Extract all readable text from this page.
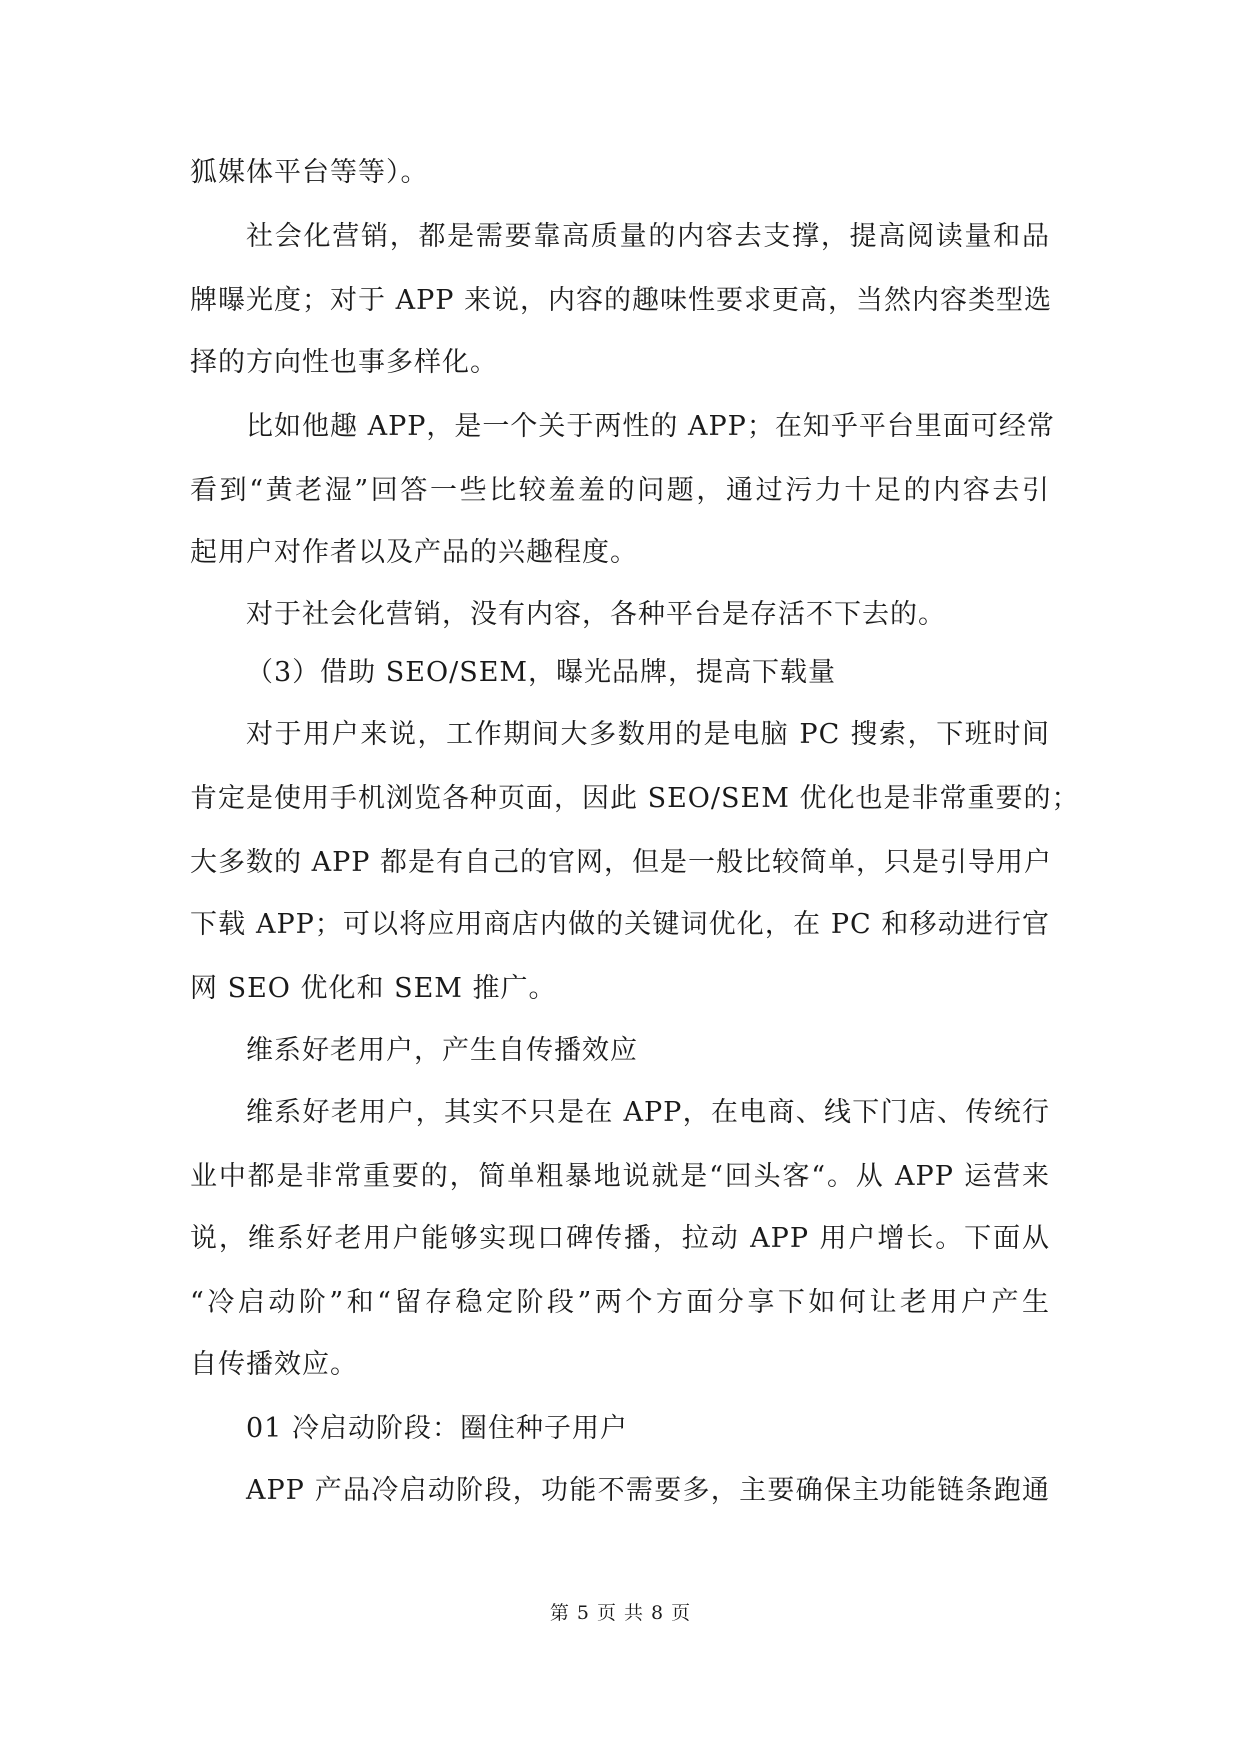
狐媒体平台等等）。
社会化营销，都是需要靠高质量的内容去支撑，提高阅读量和品
牌曝光度；对于 APP 来说，内容的趣味性要求更高，当然内容类型选
择的方向性也事多样化。
比如他趣 APP，是一个关于两性的 APP；在知乎平台里面可经常
看到“黄老湿”回答一些比较羞羞的问题，通过污力十足的内容去引
起用户对作者以及产品的兴趣程度。
对于社会化营销，没有内容，各种平台是存活不下去的。
（3）借助 SEO/SEM，曝光品牌，提高下载量
对于用户来说，工作期间大多数用的是电脑 PC 搜索，下班时间
肯定是使用手机浏览各种页面，因此 SEO/SEM 优化也是非常重要的；
大多数的 APP 都是有自己的官网，但是一般比较简单，只是引导用户
下载 APP；可以将应用商店内做的关键词优化，在 PC 和移动进行官
网 SEO 优化和 SEM 推广。
维系好老用户，产生自传播效应
维系好老用户，其实不只是在 APP，在电商、线下门店、传统行
业中都是非常重要的，简单粗暴地说就是“回头客“。从 APP 运营来
说，维系好老用户能够实现口碑传播，拉动 APP 用户增长。下面从
“冷启动阶”和“留存稳定阶段”两个方面分享下如何让老用户产生
自传播效应。
01 冷启动阶段：圈住种子用户
APP 产品冷启动阶段，功能不需要多，主要确保主功能链条跑通
第 5 页 共 8 页
